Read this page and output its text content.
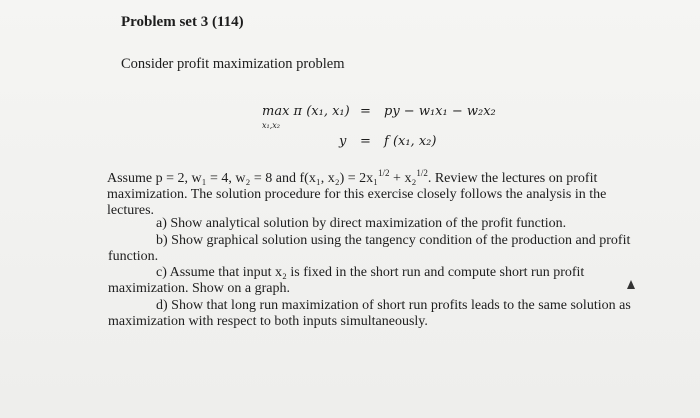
Problem set 3 (114)
Consider profit maximization problem
max π (x₁, x₁)
x₁,x₂
= py − w₁x₁ − w₂x₂
y = f (x₁, x₂)
Assume p = 2, w₁ = 4, w₂ = 8 and f(x₁, x₂) = 2x₁$^{1/2}$ + x₂$^{1/2}$. Review the lectures on profit maximization. The solution procedure for this exercise closely follows the analysis in the lectures.
a) Show analytical solution by direct maximization of the profit function.
b) Show graphical solution using the tangency condition of the production and profit function.
c) Assume that input x₂ is fixed in the short run and compute short run profit maximization. Show on a graph.
d) Show that long run maximization of short run profits leads to the same solution as maximization with respect to both inputs simultaneously.
